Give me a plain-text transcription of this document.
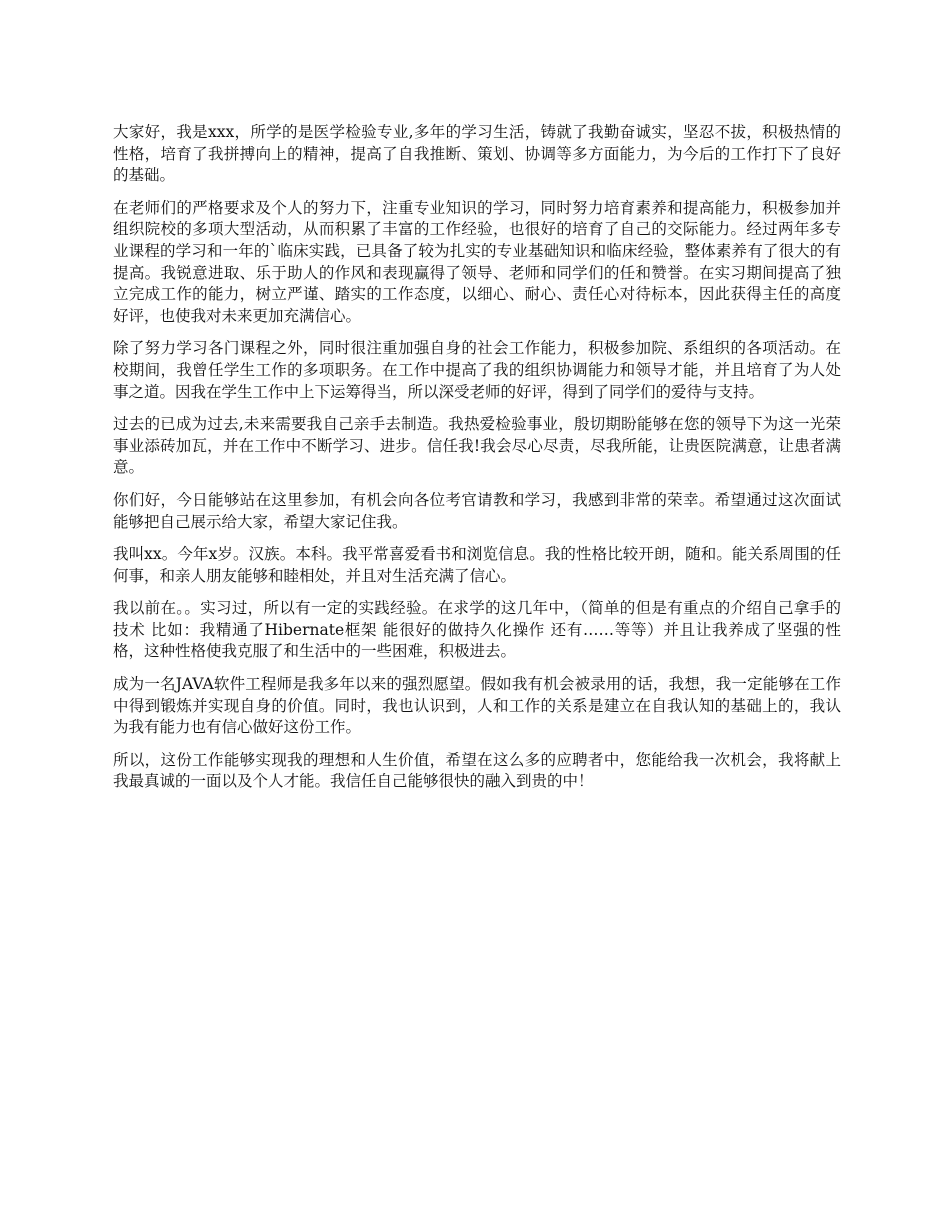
大家好，我是xxx，所学的是医学检验专业,多年的学习生活，铸就了我勤奋诚实，坚忍不拔，积极热情的性格，培育了我拼搏向上的精神，提高了自我推断、策划、协调等多方面能力，为今后的工作打下了良好的基础。

在老师们的严格要求及个人的努力下，注重专业知识的学习，同时努力培育素养和提高能力，积极参加并组织院校的多项大型活动，从而积累了丰富的工作经验，也很好的培育了自己的交际能力。经过两年多专业课程的学习和一年的`临床实践，已具备了较为扎实的专业基础知识和临床经验，整体素养有了很大的有提高。我锐意进取、乐于助人的作风和表现赢得了领导、老师和同学们的任和赞誉。在实习期间提高了独立完成工作的能力，树立严谨、踏实的工作态度，以细心、耐心、责任心对待标本，因此获得主任的高度好评，也使我对未来更加充满信心。

除了努力学习各门课程之外，同时很注重加强自身的社会工作能力，积极参加院、系组织的各项活动。在校期间，我曾任学生工作的多项职务。在工作中提高了我的组织协调能力和领导才能，并且培育了为人处事之道。因我在学生工作中上下运筹得当，所以深受老师的好评，得到了同学们的爱待与支持。

过去的已成为过去,未来需要我自己亲手去制造。我热爱检验事业，殷切期盼能够在您的领导下为这一光荣事业添砖加瓦，并在工作中不断学习、进步。信任我!我会尽心尽责，尽我所能，让贵医院满意，让患者满意。

你们好，今日能够站在这里参加，有机会向各位考官请教和学习，我感到非常的荣幸。希望通过这次面试能够把自己展示给大家，希望大家记住我。

我叫xx。今年x岁。汉族。本科。我平常喜爱看书和浏览信息。我的性格比较开朗，随和。能关系周围的任何事，和亲人朋友能够和睦相处，并且对生活充满了信心。

我以前在。。实习过，所以有一定的实践经验。在求学的这几年中，（简单的但是有重点的介绍自己拿手的技术 比如：我精通了Hibernate框架 能很好的做持久化操作 还有……等等）并且让我养成了坚强的性格，这种性格使我克服了和生活中的一些困难，积极进去。

成为一名JAVA软件工程师是我多年以来的强烈愿望。假如我有机会被录用的话，我想，我一定能够在工作中得到锻炼并实现自身的价值。同时，我也认识到，人和工作的关系是建立在自我认知的基础上的，我认为我有能力也有信心做好这份工作。

所以，这份工作能够实现我的理想和人生价值，希望在这么多的应聘者中，您能给我一次机会，我将献上我最真诚的一面以及个人才能。我信任自己能够很快的融入到贵的中！
